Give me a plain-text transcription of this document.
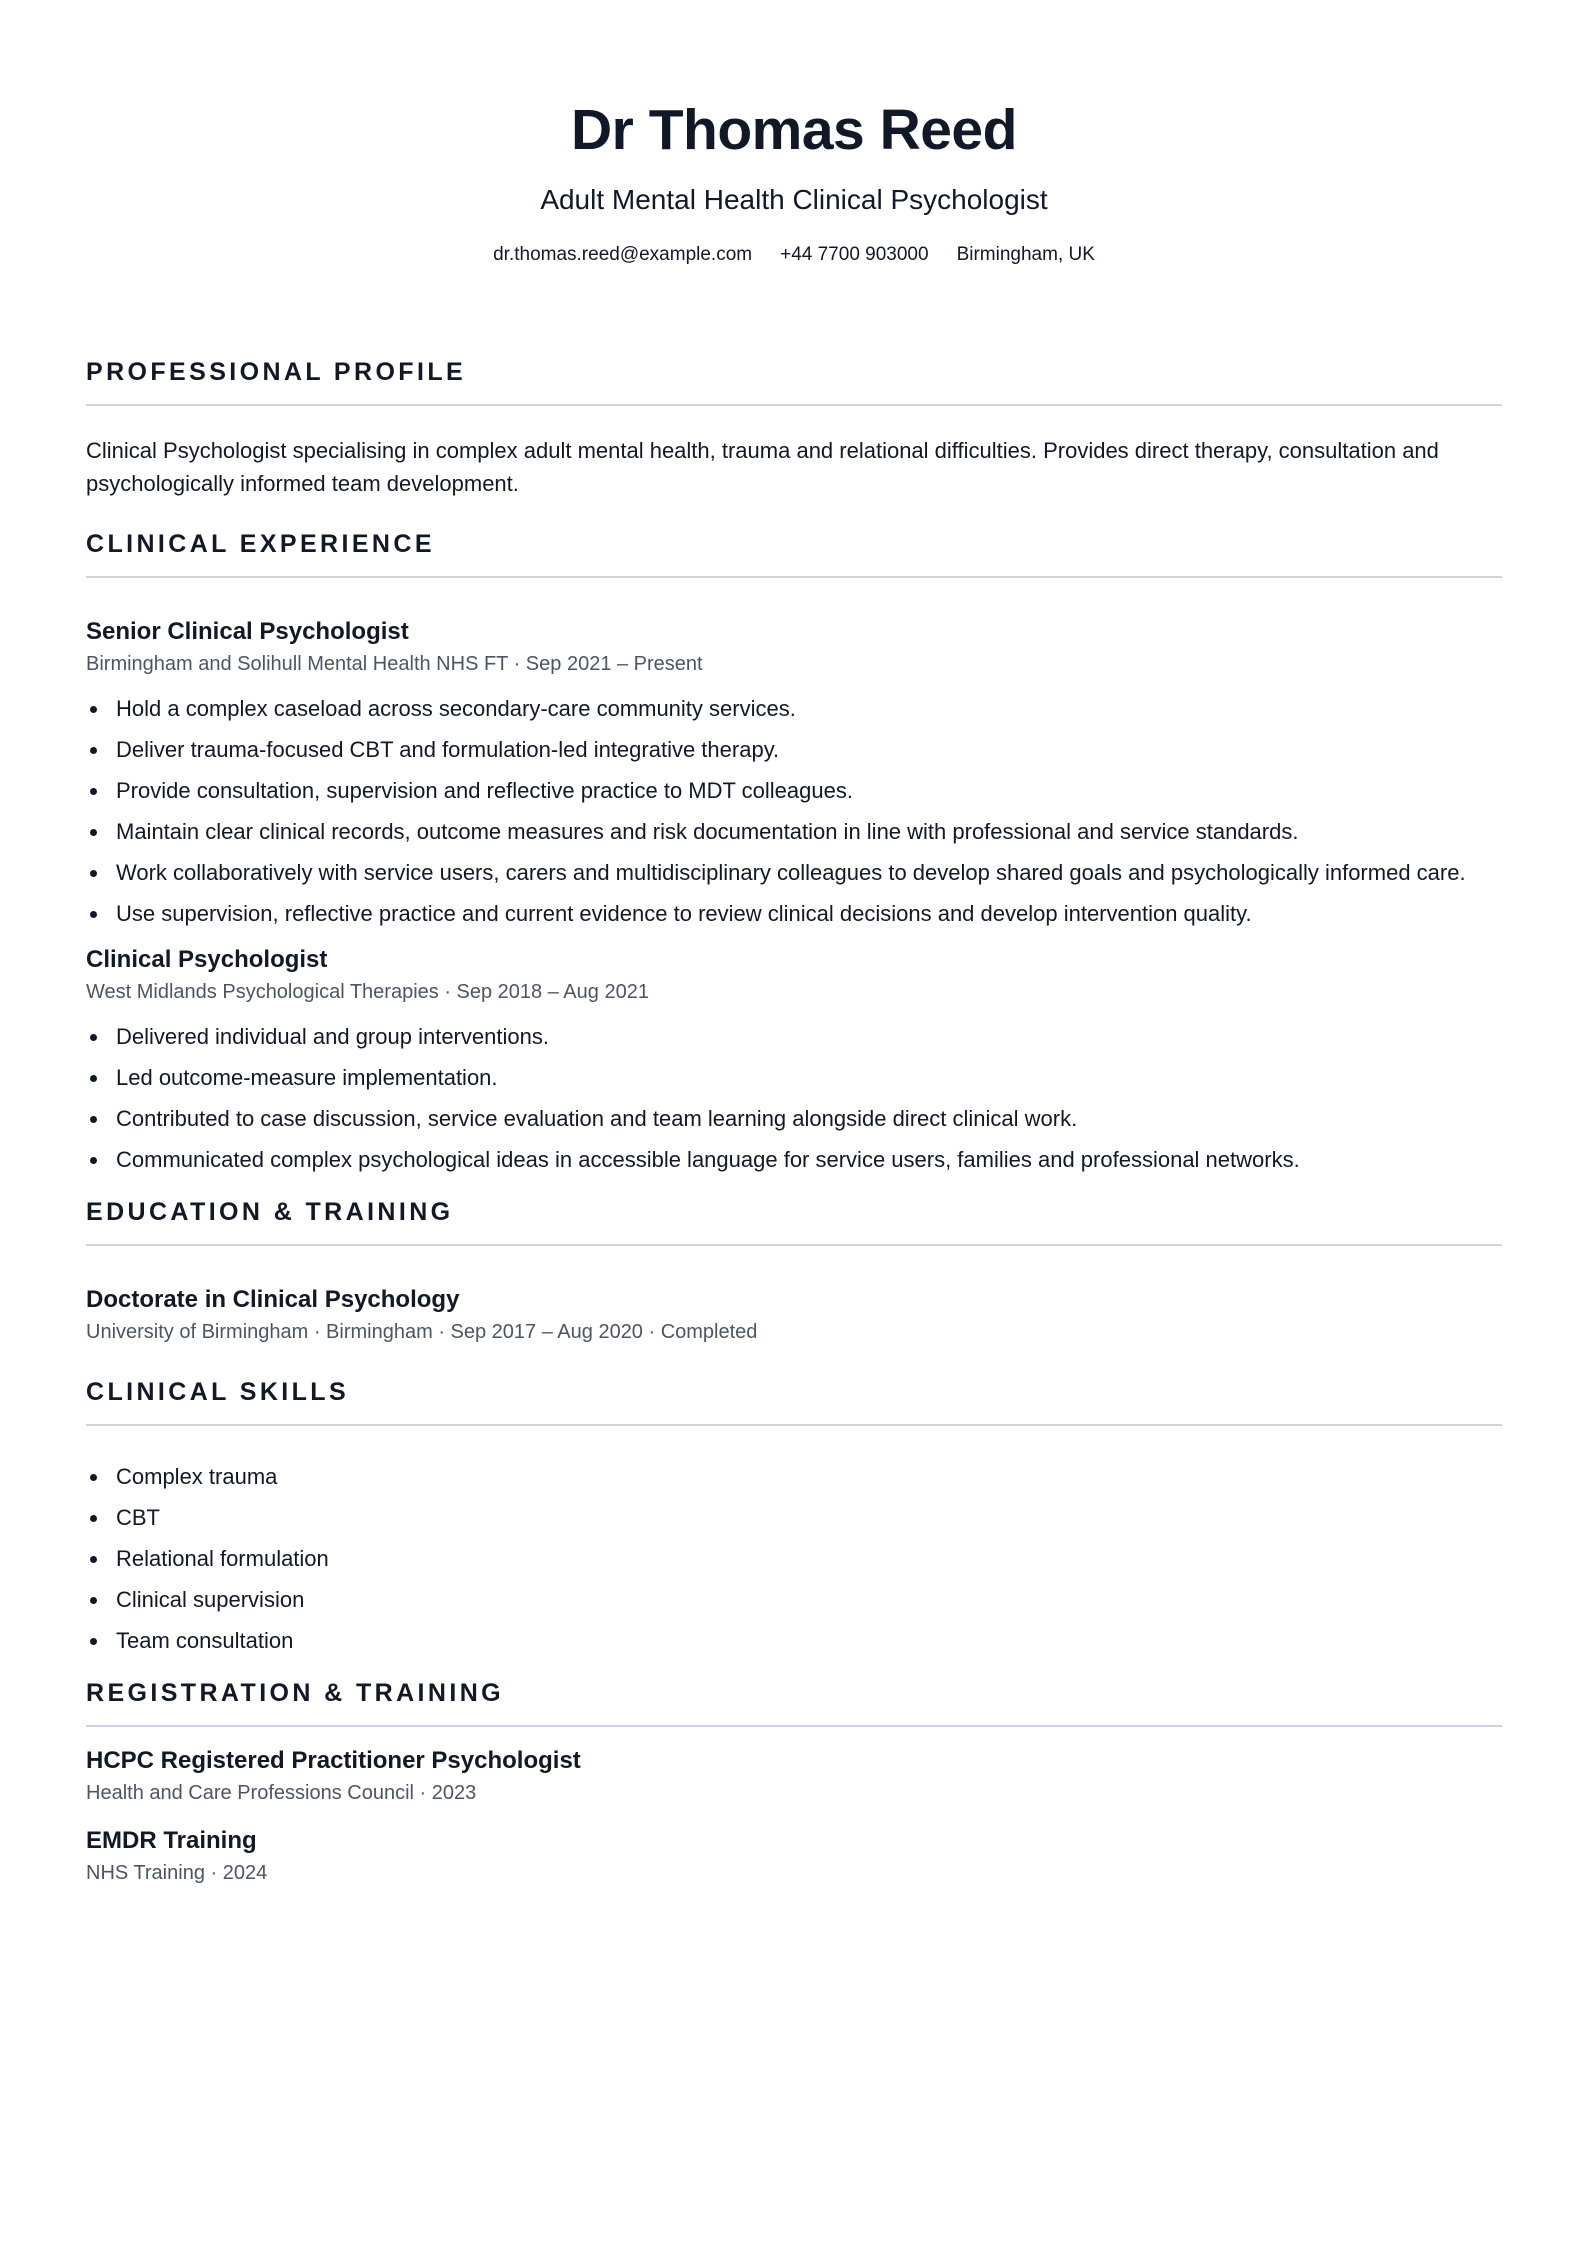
Dr Thomas Reed
Adult Mental Health Clinical Psychologist
dr.thomas.reed@example.com +44 7700 903000 Birmingham, UK
PROFESSIONAL PROFILE
Clinical Psychologist specialising in complex adult mental health, trauma and relational difficulties. Provides direct therapy, consultation and psychologically informed team development.
CLINICAL EXPERIENCE
Senior Clinical Psychologist
Birmingham and Solihull Mental Health NHS FT · Sep 2021 – Present
Hold a complex caseload across secondary-care community services.
Deliver trauma-focused CBT and formulation-led integrative therapy.
Provide consultation, supervision and reflective practice to MDT colleagues.
Maintain clear clinical records, outcome measures and risk documentation in line with professional and service standards.
Work collaboratively with service users, carers and multidisciplinary colleagues to develop shared goals and psychologically informed care.
Use supervision, reflective practice and current evidence to review clinical decisions and develop intervention quality.
Clinical Psychologist
West Midlands Psychological Therapies · Sep 2018 – Aug 2021
Delivered individual and group interventions.
Led outcome-measure implementation.
Contributed to case discussion, service evaluation and team learning alongside direct clinical work.
Communicated complex psychological ideas in accessible language for service users, families and professional networks.
EDUCATION & TRAINING
Doctorate in Clinical Psychology
University of Birmingham · Birmingham · Sep 2017 – Aug 2020 · Completed
CLINICAL SKILLS
Complex trauma
CBT
Relational formulation
Clinical supervision
Team consultation
REGISTRATION & TRAINING
HCPC Registered Practitioner Psychologist
Health and Care Professions Council · 2023
EMDR Training
NHS Training · 2024
